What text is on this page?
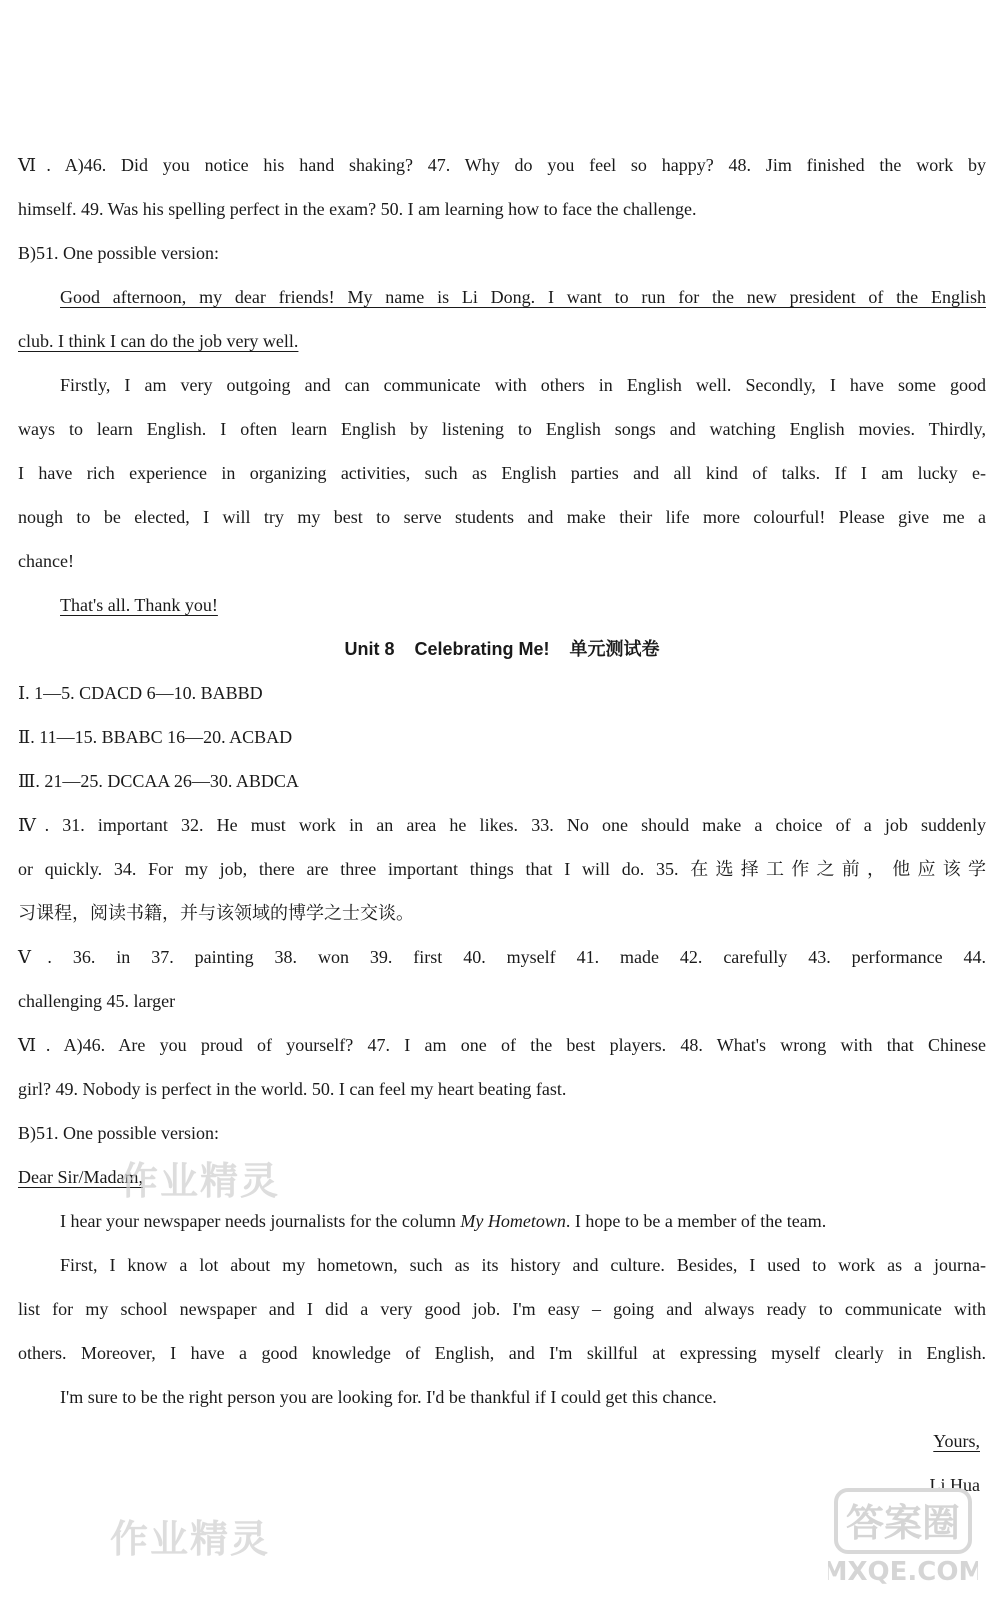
Ⅵ. A)46. Did you notice his hand shaking? 47. Why do you feel so happy? 48. Jim finished the work by
himself. 49. Was his spelling perfect in the exam? 50. I am learning how to face the challenge.
B)51. One possible version:
Good afternoon, my dear friends! My name is Li Dong. I want to run for the new president of the English
club. I think I can do the job very well.
Firstly, I am very outgoing and can communicate with others in English well. Secondly, I have some good
ways to learn English. I often learn English by listening to English songs and watching English movies. Thirdly,
I have rich experience in organizing activities, such as English parties and all kind of talks. If I am lucky e-
nough to be elected, I will try my best to serve students and make their life more colourful! Please give me a
chance!
That's all. Thank you!
Unit 8 Celebrating Me! 单元测试卷
Ⅰ. 1—5. CDACD 6—10. BABBD
Ⅱ. 11—15. BBABC 16—20. ACBAD
Ⅲ. 21—25. DCCAA 26—30. ABDCA
Ⅳ. 31. important 32. He must work in an area he likes. 33. No one should make a choice of a job suddenly
or quickly. 34. For my job, there are three important things that I will do. 35. 在选择工作之前，他应该学
习课程，阅读书籍，并与该领域的博学之士交谈。
Ⅴ. 36. in 37. painting 38. won 39. first 40. myself 41. made 42. carefully 43. performance 44.
challenging 45. larger
Ⅵ. A)46. Are you proud of yourself? 47. I am one of the best players. 48. What's wrong with that Chinese
girl? 49. Nobody is perfect in the world. 50. I can feel my heart beating fast.
B)51. One possible version:
Dear Sir/Madam,
I hear your newspaper needs journalists for the column My Hometown. I hope to be a member of the team.
First, I know a lot about my hometown, such as its history and culture. Besides, I used to work as a journa-
list for my school newspaper and I did a very good job. I'm easy – going and always ready to communicate with
others. Moreover, I have a good knowledge of English, and I'm skillful at expressing myself clearly in English.
I'm sure to be the right person you are looking for. I'd be thankful if I could get this chance.
Yours,
Li Hua
作业精灵
作业精灵	答案圈
MXQE.COM
